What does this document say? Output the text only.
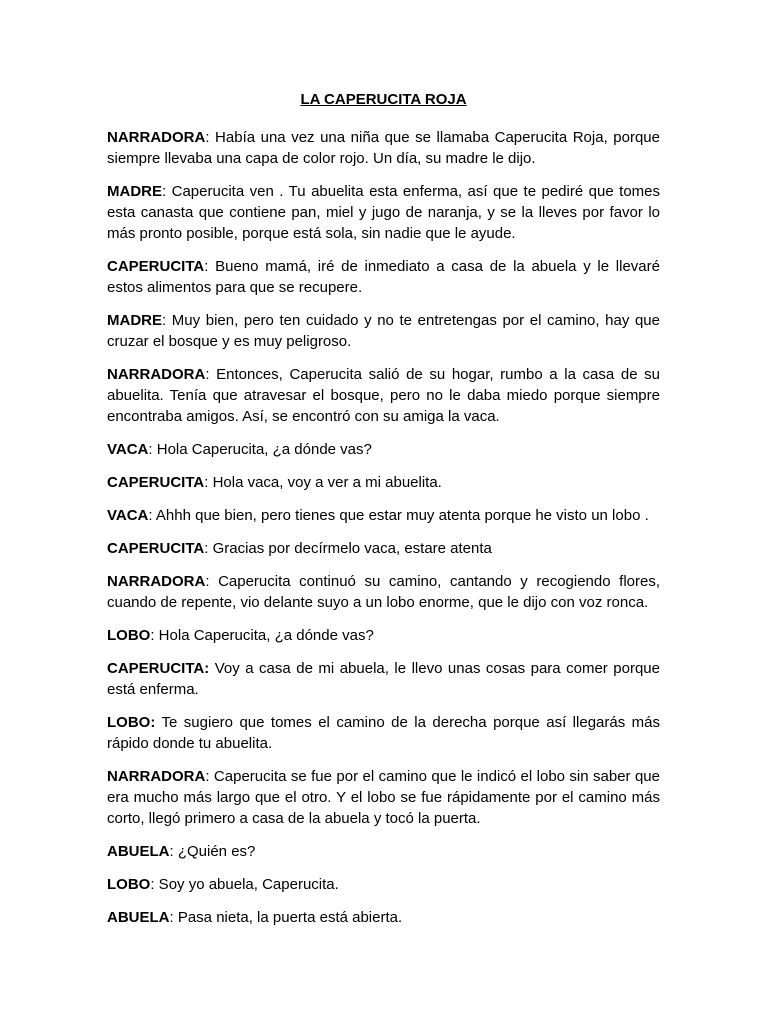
LA CAPERUCITA ROJA

NARRADORA: Había una vez una niña que se llamaba Caperucita Roja, porque siempre llevaba una capa de color rojo. Un día, su madre le dijo.

MADRE: Caperucita ven . Tu abuelita esta enferma, así que te pediré que tomes esta canasta que contiene pan, miel y jugo de naranja, y se la lleves por favor lo más pronto posible, porque está sola, sin nadie que le ayude.

CAPERUCITA: Bueno mamá, iré de inmediato a casa de la abuela y le llevaré estos alimentos para que se recupere.

MADRE: Muy bien, pero ten cuidado y no te entretengas por el camino, hay que cruzar el bosque y es muy peligroso.

NARRADORA: Entonces, Caperucita salió de su hogar, rumbo a la casa de su abuelita. Tenía que atravesar el bosque, pero no le daba miedo porque siempre encontraba amigos. Así, se encontró con su amiga la vaca.

VACA: Hola Caperucita, ¿a dónde vas?

CAPERUCITA: Hola vaca, voy a ver a mi abuelita.

VACA: Ahhh que bien, pero tienes que estar muy atenta porque he visto un lobo .

CAPERUCITA: Gracias por decírmelo vaca, estare atenta

NARRADORA: Caperucita continuó su camino, cantando y recogiendo flores, cuando de repente, vio delante suyo a un lobo enorme, que le dijo con voz ronca.

LOBO: Hola Caperucita, ¿a dónde vas?

CAPERUCITA: Voy a casa de mi abuela, le llevo unas cosas para comer porque está enferma.

LOBO: Te sugiero que tomes el camino de la derecha porque así llegarás más rápido donde tu abuelita.

NARRADORA: Caperucita se fue por el camino que le indicó el lobo sin saber que era mucho más largo que el otro. Y el lobo se fue rápidamente por el camino más corto, llegó primero a casa de la abuela y tocó la puerta.

ABUELA: ¿Quién es?

LOBO: Soy yo abuela, Caperucita.

ABUELA: Pasa nieta, la puerta está abierta.
